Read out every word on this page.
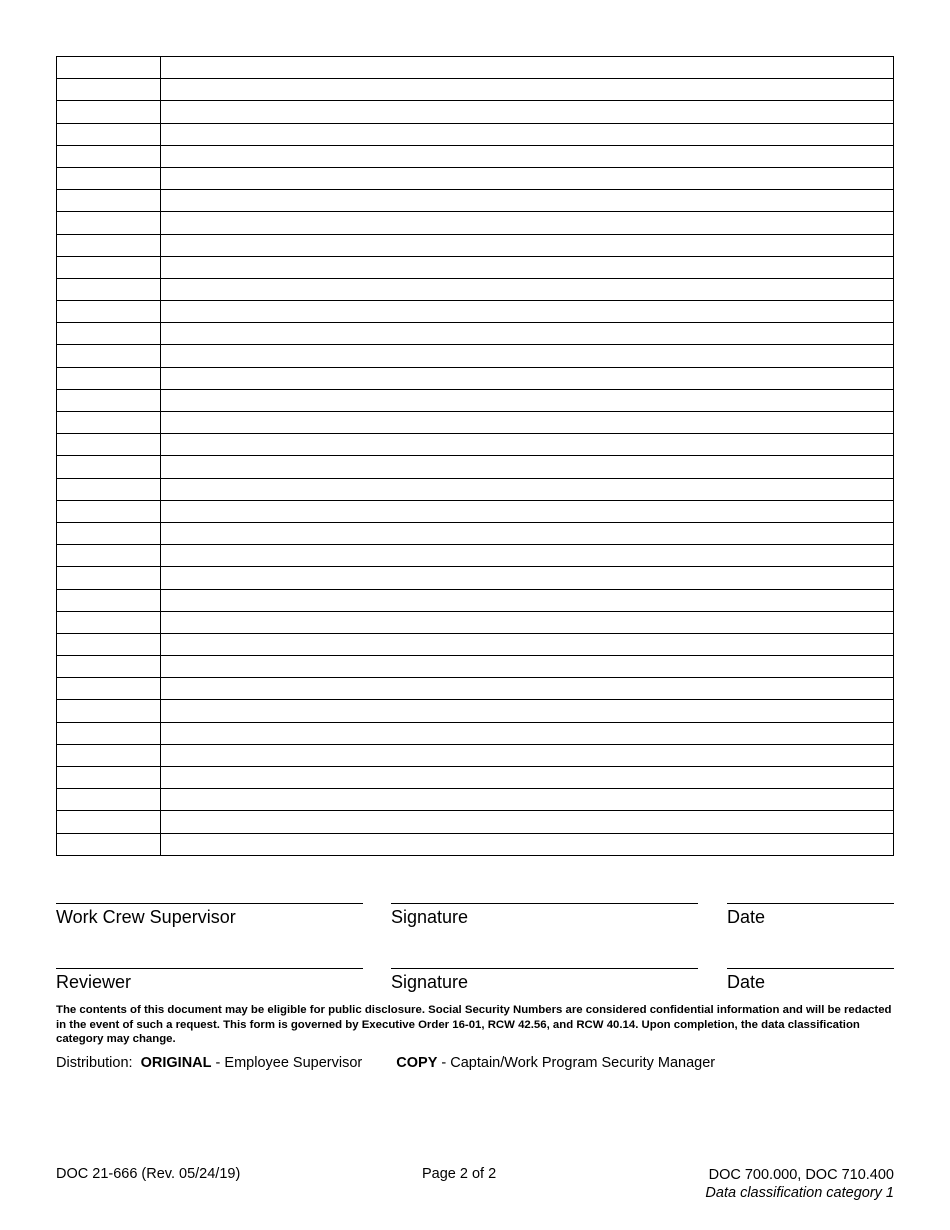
Work Crew Supervisor	Signature	Date
Reviewer	Signature	Date
The contents of this document may be eligible for public disclosure. Social Security Numbers are considered confidential information and will be redacted in the event of such a request. This form is governed by Executive Order 16-01, RCW 42.56, and RCW 40.14. Upon completion, the data classification category may change.
Distribution: ORIGINAL - Employee Supervisor COPY - Captain/Work Program Security Manager
DOC 21-666 (Rev. 05/24/19)	Page 2 of 2	DOC 700.000, DOC 710.400
Data classification category 1
